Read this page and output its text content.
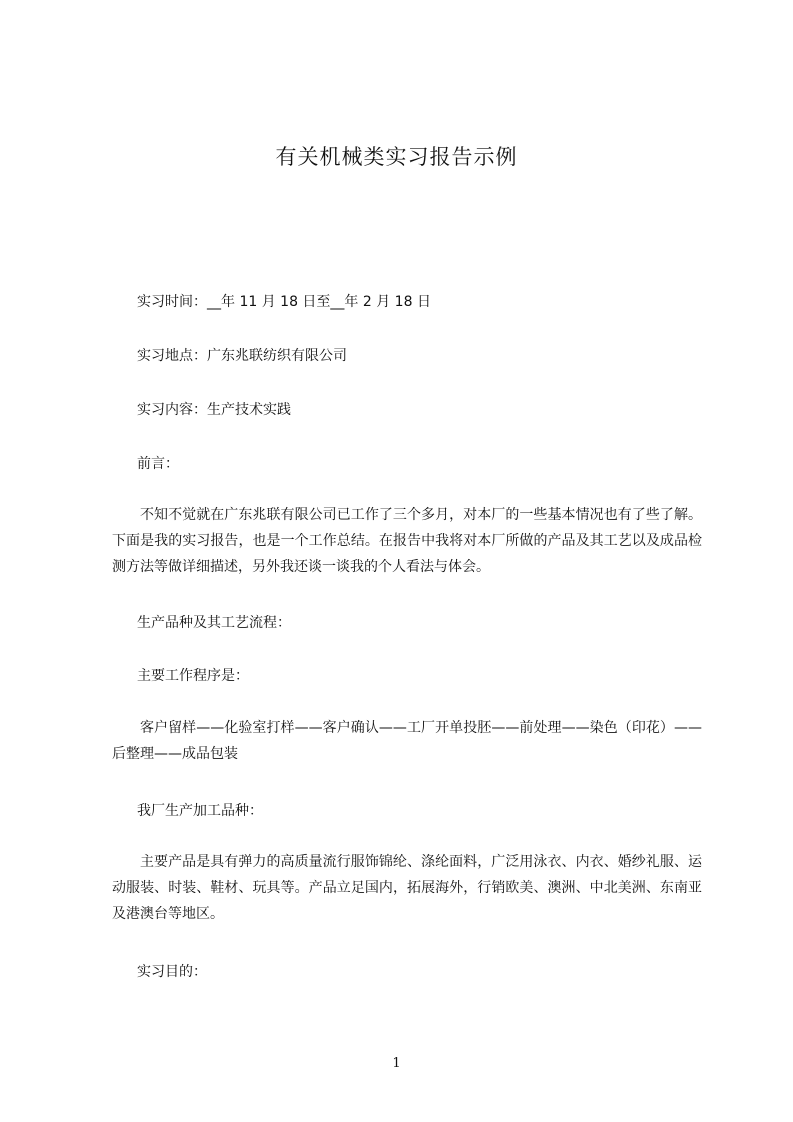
有关机械类实习报告示例
实习时间：__年 11 月 18 日至__年 2 月 18 日
实习地点：广东兆联纺织有限公司
实习内容：生产技术实践
前言：
不知不觉就在广东兆联有限公司已工作了三个多月，对本厂的一些基本情况也有了些了解。下面是我的实习报告，也是一个工作总结。在报告中我将对本厂所做的产品及其工艺以及成品检测方法等做详细描述，另外我还谈一谈我的个人看法与体会。
生产品种及其工艺流程：
主要工作程序是：
客户留样——化验室打样——客户确认——工厂开单投胚——前处理——染色（印花）——后整理——成品包装
我厂生产加工品种：
主要产品是具有弹力的高质量流行服饰锦纶、涤纶面料，广泛用泳衣、内衣、婚纱礼服、运动服装、时装、鞋材、玩具等。产品立足国内，拓展海外，行销欧美、澳洲、中北美洲、东南亚及港澳台等地区。
实习目的：
1
